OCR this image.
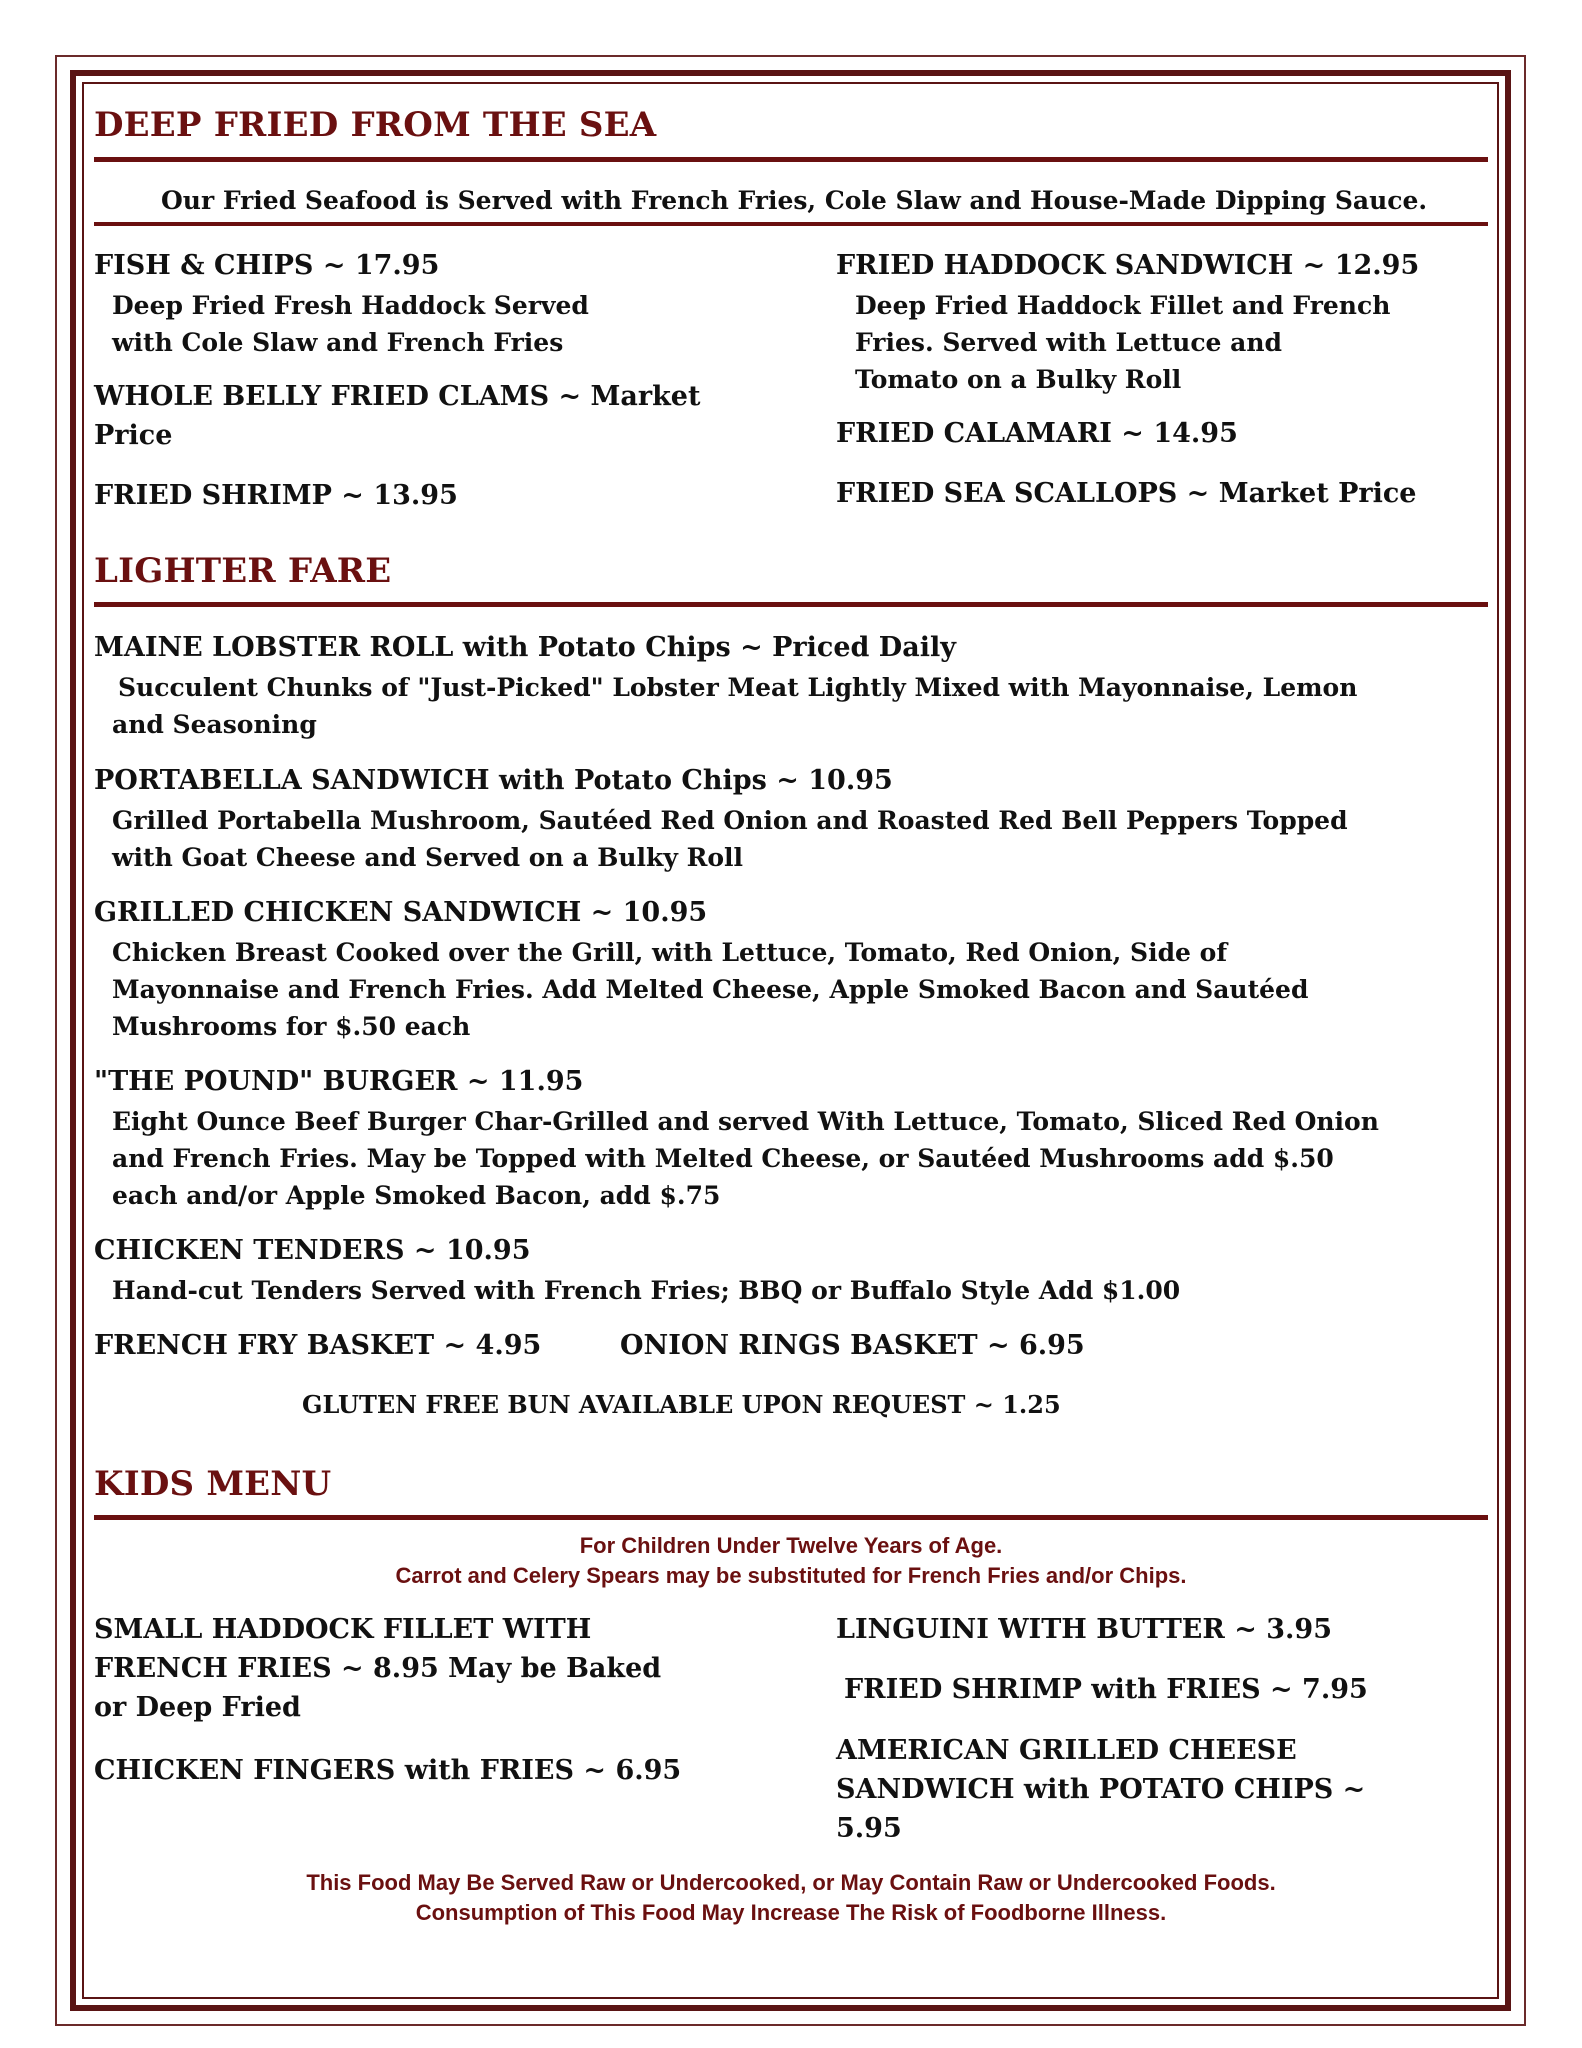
DEEP FRIED FROM THE SEA
Our Fried Seafood is Served with French Fries, Cole Slaw and House-Made Dipping Sauce.
FISH & CHIPS ~ 17.95
Deep Fried Fresh Haddock Served
with Cole Slaw and French Fries
WHOLE BELLY FRIED CLAMS ~ Market
Price
FRIED SHRIMP ~ 13.95
FRIED HADDOCK SANDWICH ~ 12.95
Deep Fried Haddock Fillet and French
Fries. Served with Lettuce and
Tomato on a Bulky Roll
FRIED CALAMARI ~ 14.95
FRIED SEA SCALLOPS ~ Market Price
LIGHTER FARE
MAINE LOBSTER ROLL with Potato Chips ~ Priced Daily
Succulent Chunks of "Just-Picked" Lobster Meat Lightly Mixed with Mayonnaise, Lemon
and Seasoning
PORTABELLA SANDWICH with Potato Chips ~ 10.95
Grilled Portabella Mushroom, Sautéed Red Onion and Roasted Red Bell Peppers Topped
with Goat Cheese and Served on a Bulky Roll
GRILLED CHICKEN SANDWICH ~ 10.95
Chicken Breast Cooked over the Grill, with Lettuce, Tomato, Red Onion, Side of
Mayonnaise and French Fries. Add Melted Cheese, Apple Smoked Bacon and Sautéed
Mushrooms for $.50 each
"THE POUND" BURGER ~ 11.95
Eight Ounce Beef Burger Char-Grilled and served With Lettuce, Tomato, Sliced Red Onion
and French Fries. May be Topped with Melted Cheese, or Sautéed Mushrooms add $.50
each and/or Apple Smoked Bacon, add $.75
CHICKEN TENDERS ~ 10.95
Hand-cut Tenders Served with French Fries; BBQ or Buffalo Style Add $1.00
FRENCH FRY BASKET ~ 4.95	ONION RINGS BASKET ~ 6.95
GLUTEN FREE BUN AVAILABLE UPON REQUEST ~ 1.25
KIDS MENU
For Children Under Twelve Years of Age.
Carrot and Celery Spears may be substituted for French Fries and/or Chips.
SMALL HADDOCK FILLET WITH
FRENCH FRIES ~ 8.95 May be Baked
or Deep Fried
CHICKEN FINGERS with FRIES ~ 6.95
LINGUINI WITH BUTTER ~ 3.95
FRIED SHRIMP with FRIES ~ 7.95
AMERICAN GRILLED CHEESE
SANDWICH with POTATO CHIPS ~
5.95
This Food May Be Served Raw or Undercooked, or May Contain Raw or Undercooked Foods.
Consumption of This Food May Increase The Risk of Foodborne Illness.
